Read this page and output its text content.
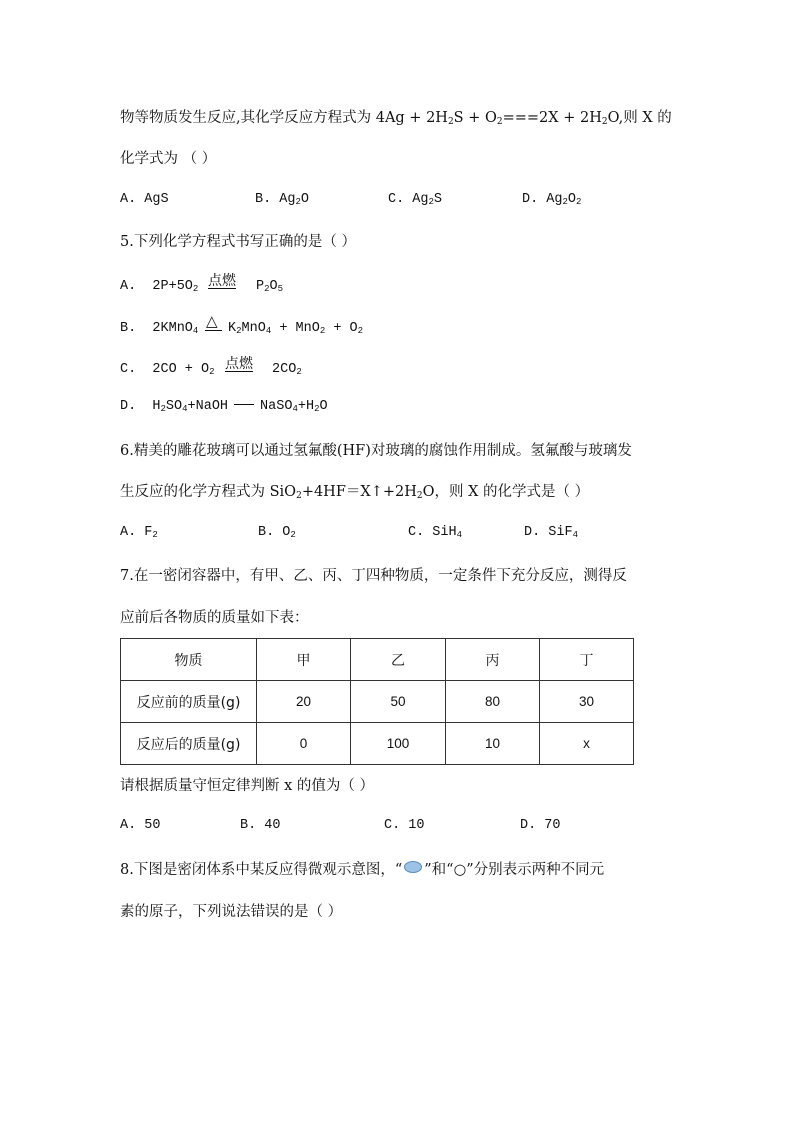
物等物质发生反应,其化学反应方程式为 $4Ag + 2H_2S + O_2===2X + 2H_2O$,则 X 的
化学式为 （ ）
A. AgS	B. $Ag_2O$	C. $Ag_2S$	D. $Ag_2O_2$
5.下列化学方程式书写正确的是（ ）
A. $2P+5O_2$ 点燃 $P_2O_5$
B. 2KMnO$_4$
△ $K_2MnO_4 + MnO_2 + O_2$
C. $2CO + O_2$ 点燃 $2CO_2$
D. $H_2SO_4+NaOH$ $NaSO_4+H_2O$
6.精美的雕花玻璃可以通过氢氟酸(HF)对玻璃的腐蚀作用制成。氢氟酸与玻璃发
生反应的化学方程式为 $SiO_2+4HF=X↑+2H_2O$，则 X 的化学式是（ ）
A. $F_2$	B. $O_2$	C. SiH$_4$	D. SiF$_4$
7.在一密闭容器中，有甲、乙、丙、丁四种物质，一定条件下充分反应，测得反
应前后各物质的质量如下表：
物质	甲	乙	丙	丁
反应前的质量(g)	20	50	80	30
反应后的质量(g)	0	100	10	x
请根据质量守恒定律判断 x 的值为（ ）
A. 50	B. 40	C. 10	D. 70
8.下图是密闭体系中某反应得微观示意图，“ ”和“○”分别表示两种不同元
素的原子，下列说法错误的是（ ）
